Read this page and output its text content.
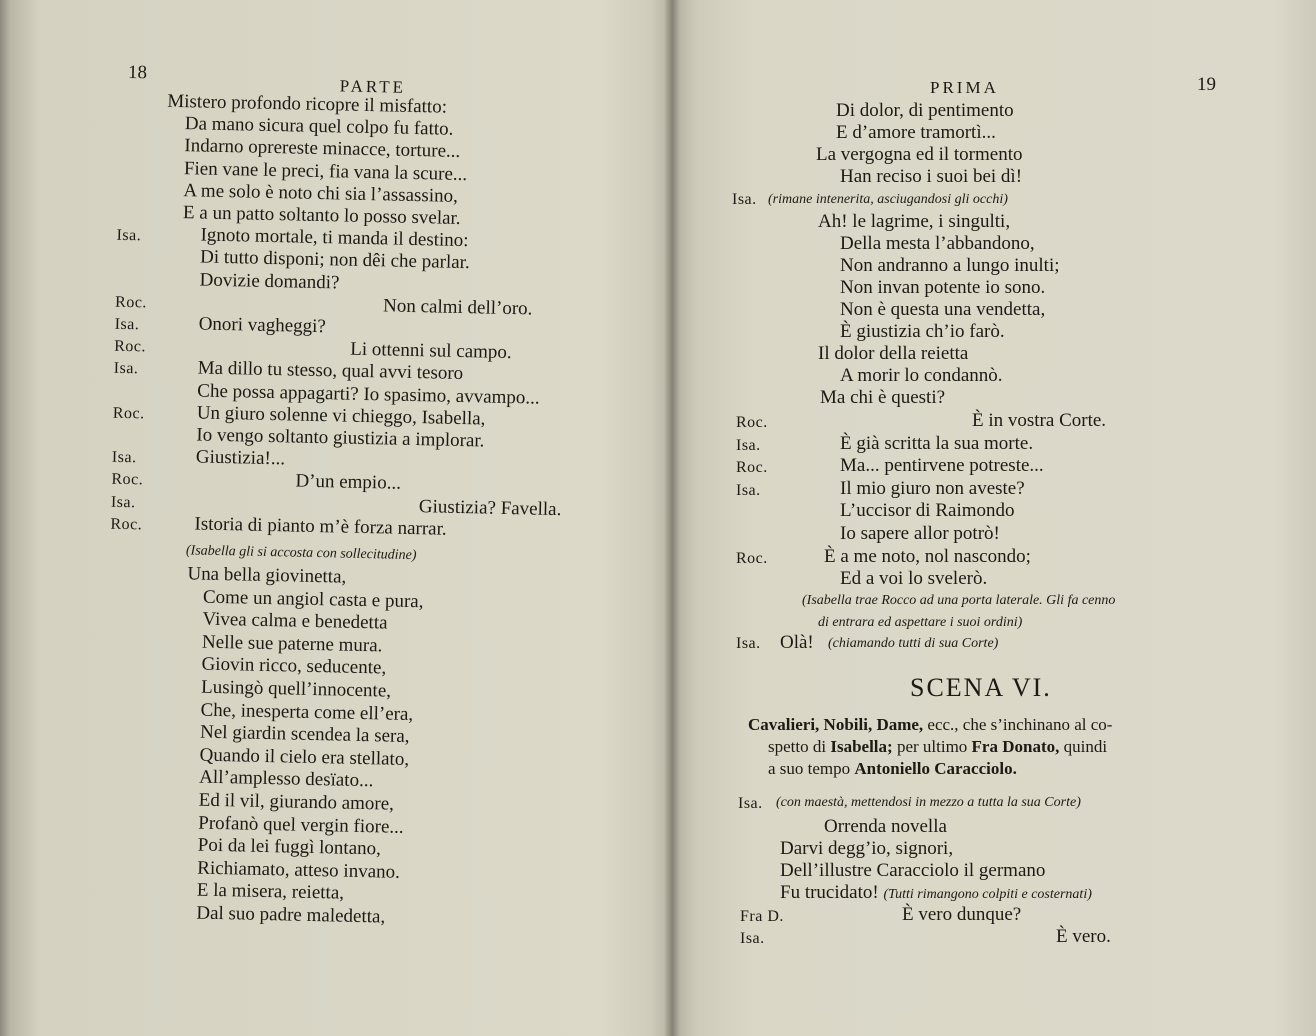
18
PARTE
Mistero profondo ricopre il misfatto:
Da mano sicura quel colpo fu fatto.
Indarno oprereste minacce, torture...
Fien vane le preci, fia vana la scure...
A me solo è noto chi sia l’assassino,
E a un patto soltanto lo posso svelar.
Isa.	Ignoto mortale, ti manda il destino:
Di tutto disponi; non dêi che parlar.
Dovizie domandi?
Roc.	Non calmi dell’oro.
Isa.	Onori vagheggi?
Roc.	Li ottenni sul campo.
Isa.	Ma dillo tu stesso, qual avvi tesoro
Che possa appagarti? Io spasimo, avvampo...
Roc.	Un giuro solenne vi chieggo, Isabella,
Io vengo soltanto giustizia a implorar.
Isa.	Giustizia!...
Roc.	D’un empio...
Isa.	Giustizia? Favella.
Roc.	Istoria di pianto m’è forza narrar.
(Isabella gli si accosta con sollecitudine)
Una bella giovinetta,
Come un angiol casta e pura,
Vivea calma e benedetta
Nelle sue paterne mura.
Giovin ricco, seducente,
Lusingò quell’innocente,
Che, inesperta come ell’era,
Nel giardin scendea la sera,
Quando il cielo era stellato,
All’amplesso desïato...
Ed il vil, giurando amore,
Profanò quel vergin fiore...
Poi da lei fuggì lontano,
Richiamato, atteso invano.
E la misera, reietta,
Dal suo padre maledetta,
PRIMA	19
Di dolor, di pentimento
E d’amore tramortì...
La vergogna ed il tormento
Han reciso i suoi bei dì!
Isa. (rimane intenerita, asciugandosi gli occhi)
Ah! le lagrime, i singulti,
Della mesta l’abbandono,
Non andranno a lungo inulti;
Non invan potente io sono.
Non è questa una vendetta,
È giustizia ch’io farò.
Il dolor della reietta
A morir lo condannò.
Ma chi è questi?
Roc.	È in vostra Corte.
Isa.	È già scritta la sua morte.
Roc.	Ma... pentirvene potreste...
Isa.	Il mio giuro non aveste?
L’uccisor di Raimondo
Io sapere allor potrò!
Roc.	È a me noto, nol nascondo;
Ed a voi lo svelerò.
(Isabella trae Rocco ad una porta laterale. Gli fa cenno
di entrara ed aspettare i suoi ordini)
Isa. Olà! (chiamando tutti di sua Corte)
SCENA VI.
Cavalieri, Nobili, Dame, ecc., che s’inchinano al co-
spetto di Isabella; per ultimo Fra Donato, quindi
a suo tempo Antoniello Caracciolo.
Isa. (con maestà, mettendosi in mezzo a tutta la sua Corte)
Orrenda novella
Darvi degg’io, signori,
Dell’illustre Caracciolo il germano
Fu trucidato! (Tutti rimangono colpiti e costernati)
Fra D.	È vero dunque?
Isa.	È vero.
